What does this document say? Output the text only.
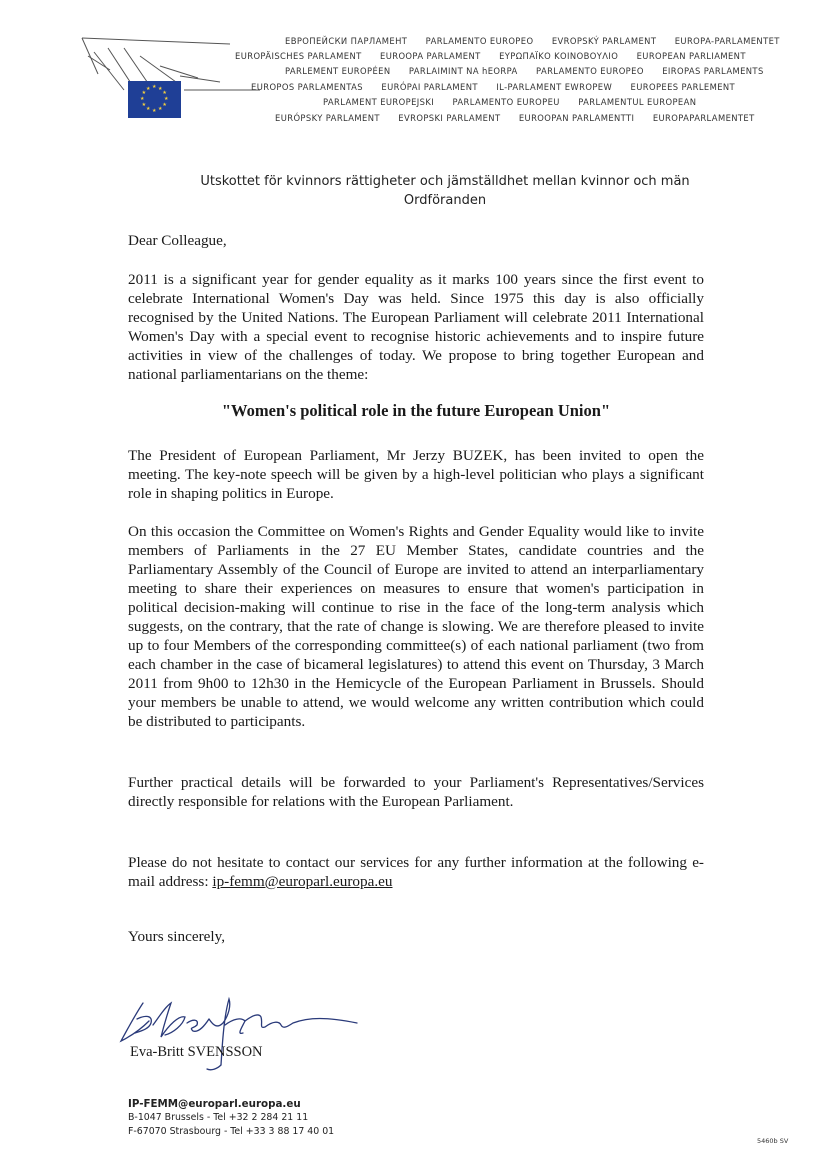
★ ★
★
★
★
★
★
★
★
★
★
★
ЕВРОПЕЙСКИ ПАРЛАМЕНТ PARLAMENTO EUROPEO EVROPSKÝ PARLAMENT EUROPA-PARLAMENTET
EUROPÄISCHES PARLAMENT EUROOPA PARLAMENT ΕΥΡΩΠΑΪΚΟ ΚΟΙΝΟΒΟΥΛΙΟ EUROPEAN PARLIAMENT
PARLEMENT EUROPÉEN PARLAIMINT NA hEORPA PARLAMENTO EUROPEO EIROPAS PARLAMENTS
EUROPOS PARLAMENTAS EURÓPAI PARLAMENT IL-PARLAMENT EWROPEW EUROPEES PARLEMENT
PARLAMENT EUROPEJSKI PARLAMENTO EUROPEU PARLAMENTUL EUROPEAN
EURÓPSKY PARLAMENT EVROPSKI PARLAMENT EUROOPAN PARLAMENTTI EUROPAPARLAMENTET
Utskottet för kvinnors rättigheter och jämställdhet mellan kvinnor och män
Ordföranden
Dear Colleague,
2011 is a significant year for gender equality as it marks 100 years since the first event to celebrate International Women's Day was held. Since 1975 this day is also officially recognised by the United Nations. The European Parliament will celebrate 2011 International Women's Day with a special event to recognise historic achievements and to inspire future activities in view of the challenges of today. We propose to bring together European and national parliamentarians on the theme:
"Women's political role in the future European Union"
The President of European Parliament, Mr Jerzy BUZEK, has been invited to open the meeting. The key-note speech will be given by a high-level politician who plays a significant role in shaping politics in Europe.
On this occasion the Committee on Women's Rights and Gender Equality would like to invite members of Parliaments in the 27 EU Member States, candidate countries and the Parliamentary Assembly of the Council of Europe are invited to attend an interparliamentary meeting to share their experiences on measures to ensure that women's participation in political decision-making will continue to rise in the face of the long-term analysis which suggests, on the contrary, that the rate of change is slowing. We are therefore pleased to invite up to four Members of the corresponding committee(s) of each national parliament (two from each chamber in the case of bicameral legislatures) to attend this event on Thursday, 3 March 2011 from 9h00 to 12h30 in the Hemicycle of the European Parliament in Brussels. Should your members be unable to attend, we would welcome any written contribution which could be distributed to participants.
Further practical details will be forwarded to your Parliament's Representatives/Services directly responsible for relations with the European Parliament.
Please do not hesitate to contact our services for any further information at the following e-mail address: ip-femm@europarl.europa.eu
Yours sincerely,
Eva-Britt SVENSSON
IP-FEMM@europarl.europa.eu
B-1047 Brussels - Tel +32 2 284 21 11
F-67070 Strasbourg - Tel +33 3 88 17 40 01
5460b SV
